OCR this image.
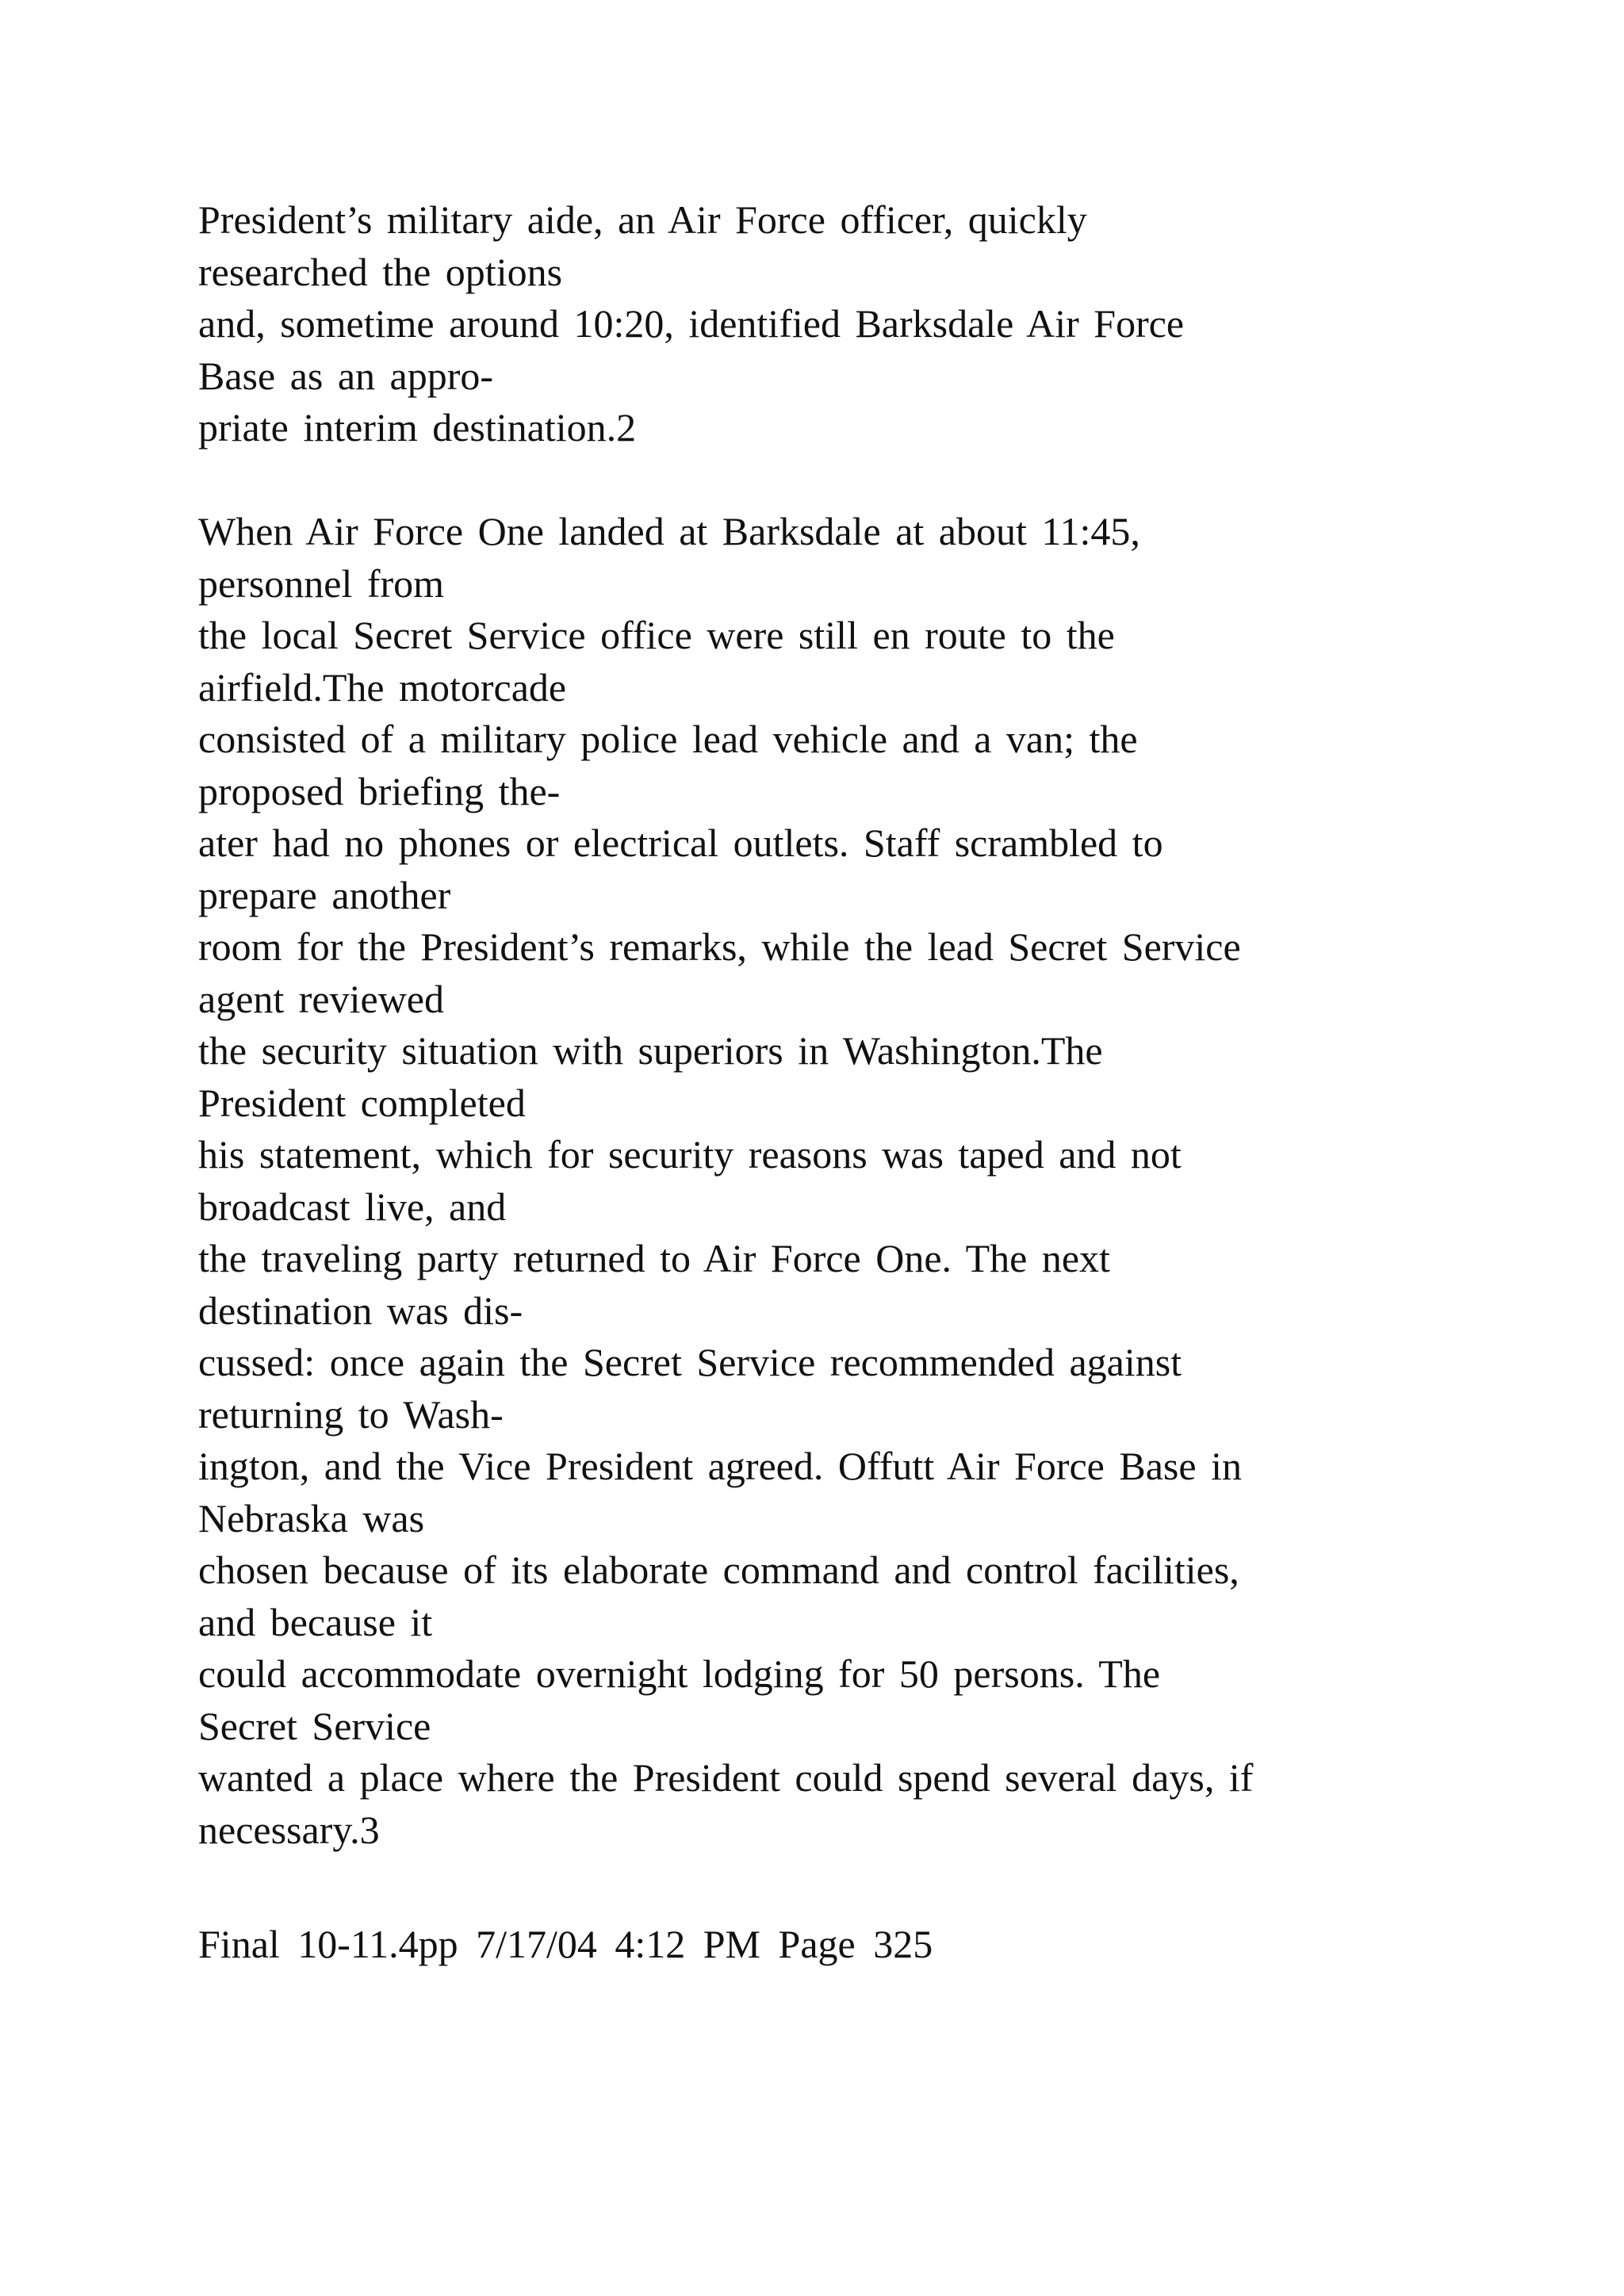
President’s military aide, an Air Force officer, quickly
researched the options
and, sometime around 10:20, identified Barksdale Air Force
Base as an appro-
priate interim destination.2

When Air Force One landed at Barksdale at about 11:45,
personnel from
the local Secret Service office were still en route to the
airfield.The motorcade
consisted of a military police lead vehicle and a van; the
proposed briefing the-
ater had no phones or electrical outlets. Staff scrambled to
prepare another
room for the President’s remarks, while the lead Secret Service
agent reviewed
the security situation with superiors in Washington.The
President completed
his statement, which for security reasons was taped and not
broadcast live, and
the traveling party returned to Air Force One. The next
destination was dis-
cussed: once again the Secret Service recommended against
returning to Wash-
ington, and the Vice President agreed. Offutt Air Force Base in
Nebraska was
chosen because of its elaborate command and control facilities,
and because it
could accommodate overnight lodging for 50 persons. The
Secret Service
wanted a place where the President could spend several days, if
necessary.3

Final 10-11.4pp 7/17/04 4:12 PM Page 325
